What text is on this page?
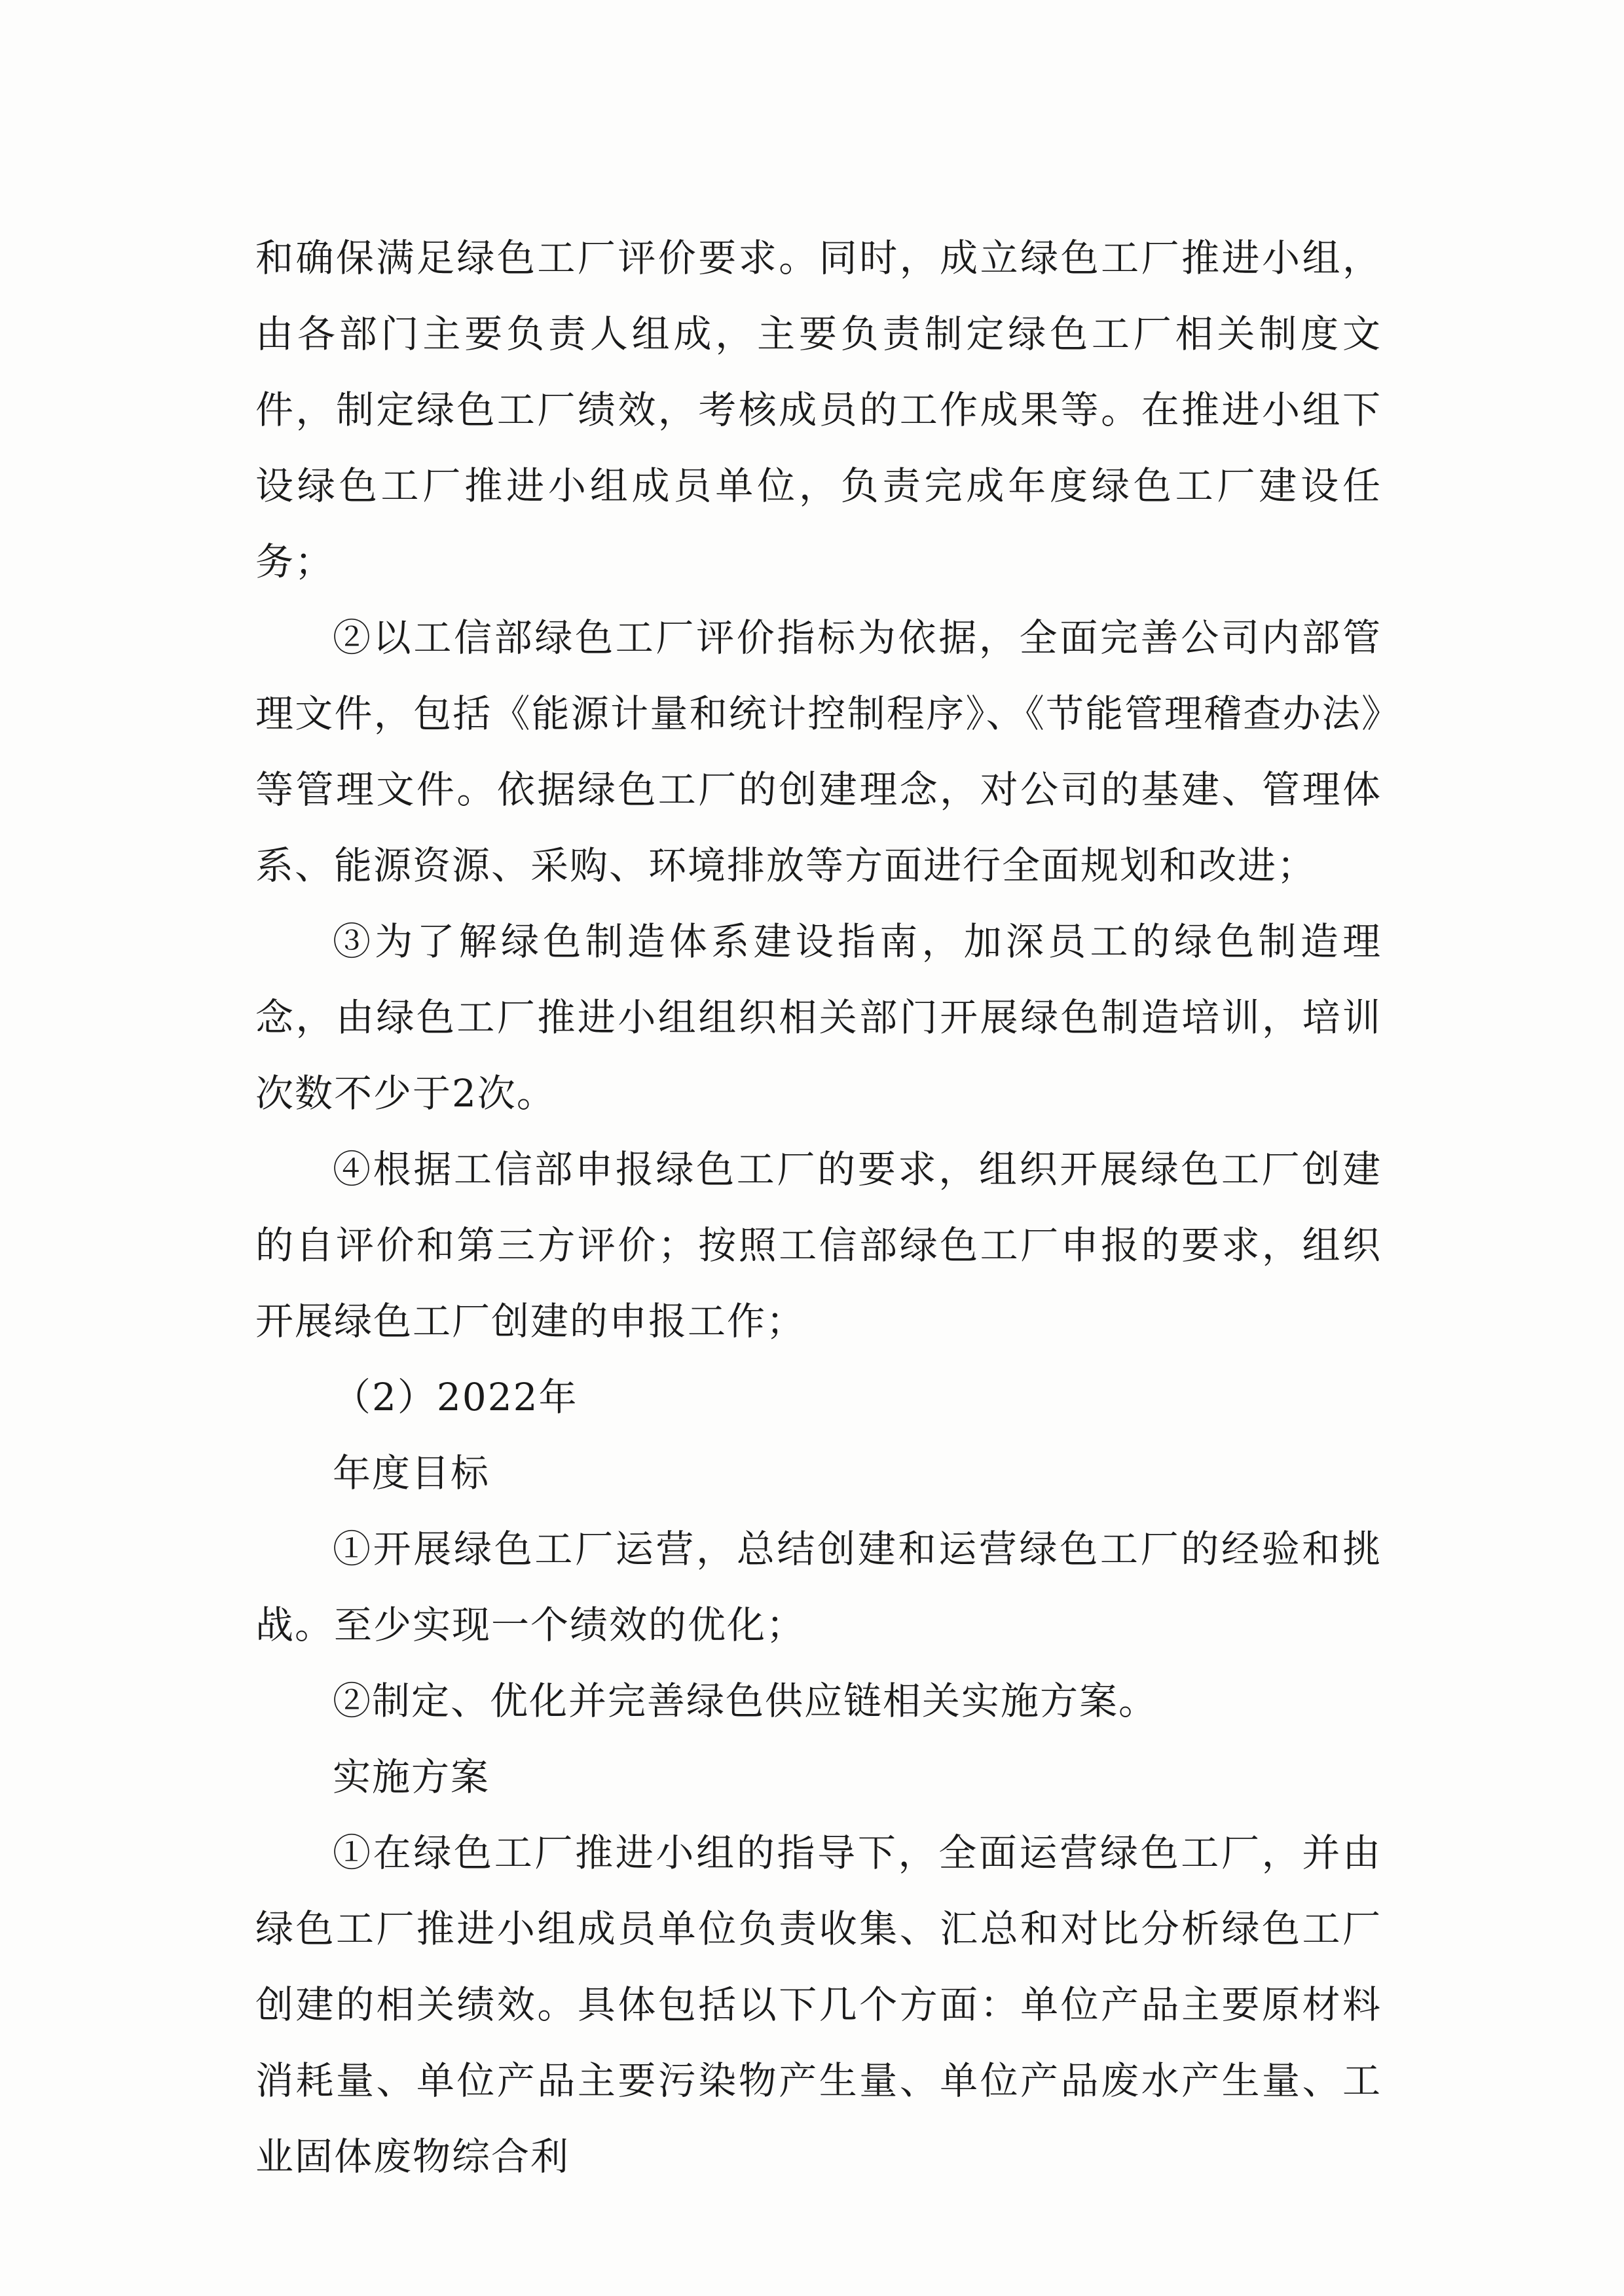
和确保满足绿色工厂评价要求。同时，成立绿色工厂推进小组，由各部门主要负责人组成，主要负责制定绿色工厂相关制度文件，制定绿色工厂绩效，考核成员的工作成果等。在推进小组下设绿色工厂推进小组成员单位，负责完成年度绿色工厂建设任务；

②以工信部绿色工厂评价指标为依据，全面完善公司内部管理文件，包括《能源计量和统计控制程序》、《节能管理稽查办法》等管理文件。依据绿色工厂的创建理念，对公司的基建、管理体系、能源资源、采购、环境排放等方面进行全面规划和改进；

③为了解绿色制造体系建设指南，加深员工的绿色制造理念，由绿色工厂推进小组组织相关部门开展绿色制造培训，培训次数不少于2次。

④根据工信部申报绿色工厂的要求，组织开展绿色工厂创建的自评价和第三方评价；按照工信部绿色工厂申报的要求，组织开展绿色工厂创建的申报工作；

（2）2022年

年度目标

①开展绿色工厂运营，总结创建和运营绿色工厂的经验和挑战。至少实现一个绩效的优化；

②制定、优化并完善绿色供应链相关实施方案。

实施方案

①在绿色工厂推进小组的指导下，全面运营绿色工厂，并由绿色工厂推进小组成员单位负责收集、汇总和对比分析绿色工厂创建的相关绩效。具体包括以下几个方面：单位产品主要原材料消耗量、单位产品主要污染物产生量、单位产品废水产生量、工业固体废物综合利
